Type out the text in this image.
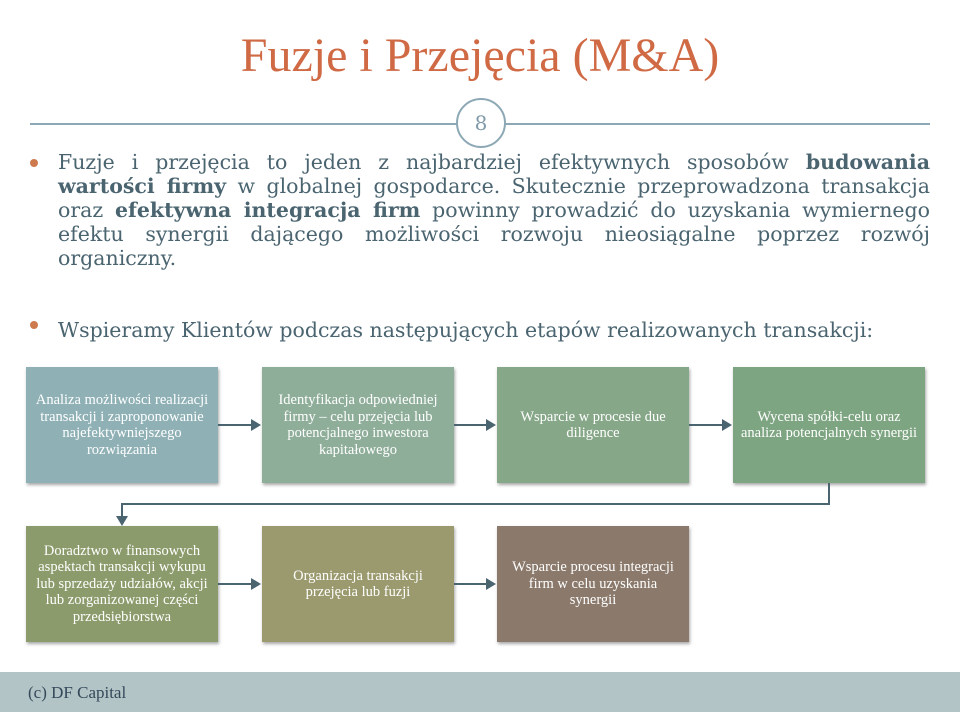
Fuzje i Przejęcia (M&A)
8
Fuzje i przejęcia to jeden z najbardziej efektywnych sposobów budowania wartości firmy w globalnej gospodarce. Skutecznie przeprowadzona transakcja oraz efektywna integracja firm powinny prowadzić do uzyskania wymiernego efektu synergii dającego możliwości rozwoju nieosiągalne poprzez rozwój organiczny.
Wspieramy Klientów podczas następujących etapów realizowanych transakcji:
Analiza możliwości realizacji transakcji i zaproponowanie najefektywniejszego rozwiązania
Identyfikacja odpowiedniej firmy – celu przejęcia lub potencjalnego inwestora kapitałowego
Wsparcie w procesie due diligence
Wycena spółki-celu oraz analiza potencjalnych synergii
Doradztwo w finansowych aspektach transakcji wykupu lub sprzedaży udziałów, akcji lub zorganizowanej części przedsiębiorstwa
Organizacja transakcji przejęcia lub fuzji
Wsparcie procesu integracji firm w celu uzyskania synergii
(c) DF Capital
